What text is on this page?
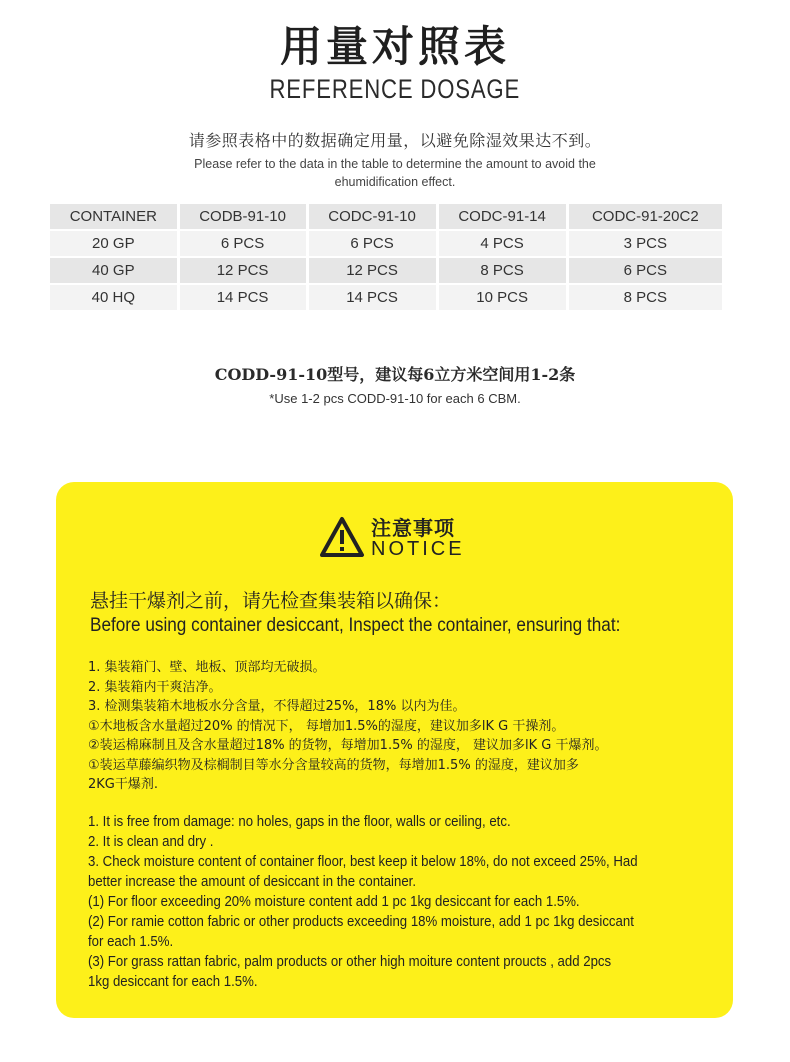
用量对照表
REFERENCE DOSAGE
请参照表格中的数据确定用量，以避免除湿效果达不到。
Please refer to the data in the table to determine the amount to avoid the ehumidification effect.
CONTAINER	CODB-91-10	CODC-91-10	CODC-91-14	CODC-91-20C2
20 GP	6 PCS	6 PCS	4 PCS	3 PCS
40 GP	12 PCS	12 PCS	8 PCS	6 PCS
40 HQ	14 PCS	14 PCS	10 PCS	8 PCS
CODD-91-10型号，建议每6立方米空间用1-2条
*Use 1-2 pcs CODD-91-10 for each 6 CBM.
注意事项
NOTICE
悬挂干爆剂之前，请先检查集装箱以确保：
Before using container desiccant, Inspect the container, ensuring that:
1. 集装箱门、壁、地板、顶部均无破损。
2. 集装箱内干爽洁净。
3. 检测集装箱木地板水分含量，不得超过25%，18% 以内为佳。
①木地板含水量超过20% 的情况下， 每增加1.5%的湿度，建议加多lK G 干操剂。
②装运棉麻制且及含水量超过18% 的货物，每增加1.5% 的湿度， 建议加多lK G 干爆剂。
①装运草藤编织物及棕榈制目等水分含量较高的货物，每增加1.5% 的湿度，建议加多
2KG干爆剂.
1. It is free from damage: no holes, gaps in the floor, walls or ceiling, etc.
2. It is clean and dry .
3. Check moisture content of container floor, best keep it below 18%, do not exceed 25%, Had
better increase the amount of desiccant in the container.
(1) For floor exceeding 20% moisture content add 1 pc 1kg desiccant for each 1.5%.
(2) For ramie cotton fabric or other products exceeding 18% moisture, add 1 pc 1kg desiccant
for each 1.5%.
(3) For grass rattan fabric, palm products or other high moiture content proucts , add 2pcs
1kg desiccant for each 1.5%.
